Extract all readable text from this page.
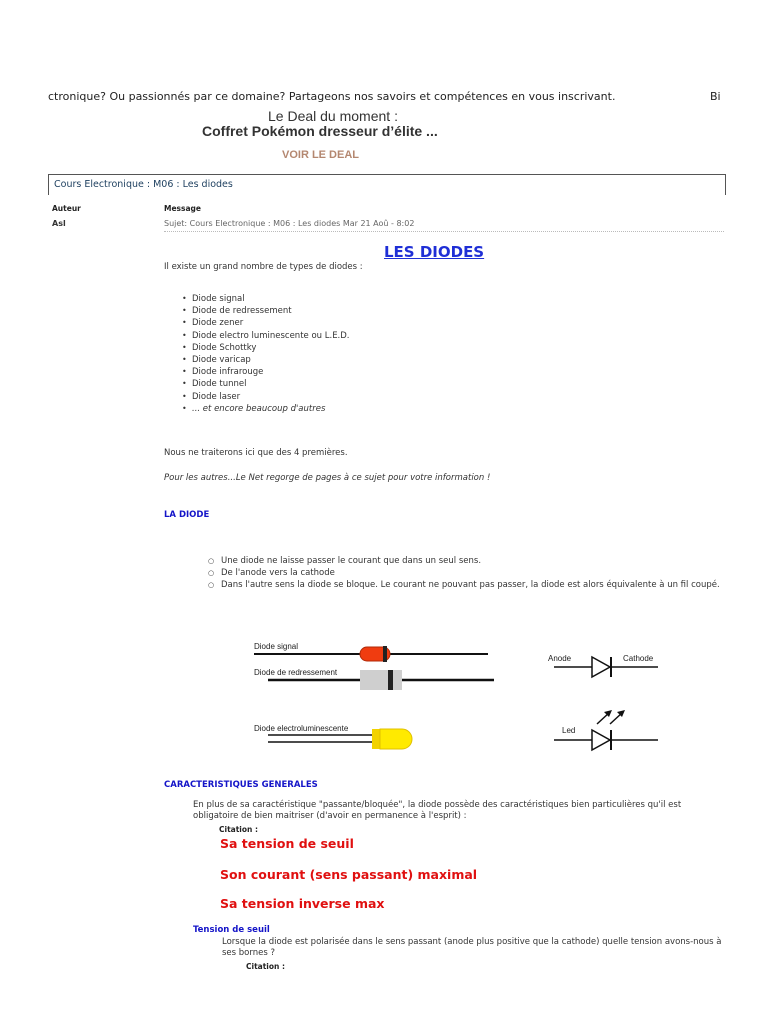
ctronique? Ou passionnés par ce domaine? Partageons nos savoirs et compétences en vous inscrivant.	Bi
Le Deal du moment :
Coffret Pokémon dresseur d’élite ...
VOIR LE DEAL
Cours Electronique : M06 : Les diodes
Auteur	Message
Asl	Sujet: Cours Electronique : M06 : Les diodes Mar 21 Aoû - 8:02
LES DIODES
Il existe un grand nombre de types de diodes :
• Diode signal
• Diode de redressement
• Diode zener
• Diode electro luminescente ou L.E.D.
• Diode Schottky
• Diode varicap
• Diode infrarouge
• Diode tunnel
• Diode laser
• ... et encore beaucoup d'autres
Nous ne traiterons ici que des 4 premières.
Pour les autres...Le Net regorge de pages à ce sujet pour votre information !
LA DIODE
○ Une diode ne laisse passer le courant que dans un seul sens.
○ De l'anode vers la cathode
○ Dans l'autre sens la diode se bloque. Le courant ne pouvant pas passer, la diode est alors équivalente à un fil coupé.
Diode signal
Diode de redressement
Diode electroluminescente
Anode	Cathode
Led
CARACTERISTIQUES GENERALES
En plus de sa caractéristique "passante/bloquée", la diode possède des caractéristiques bien particulières qu'il est obligatoire de bien maitriser (d'avoir en permanence à l'esprit) :
Citation :
Sa tension de seuil
Son courant (sens passant) maximal
Sa tension inverse max
Tension de seuil
Lorsque la diode est polarisée dans le sens passant (anode plus positive que la cathode) quelle tension avons-nous à ses bornes ?
Citation :
